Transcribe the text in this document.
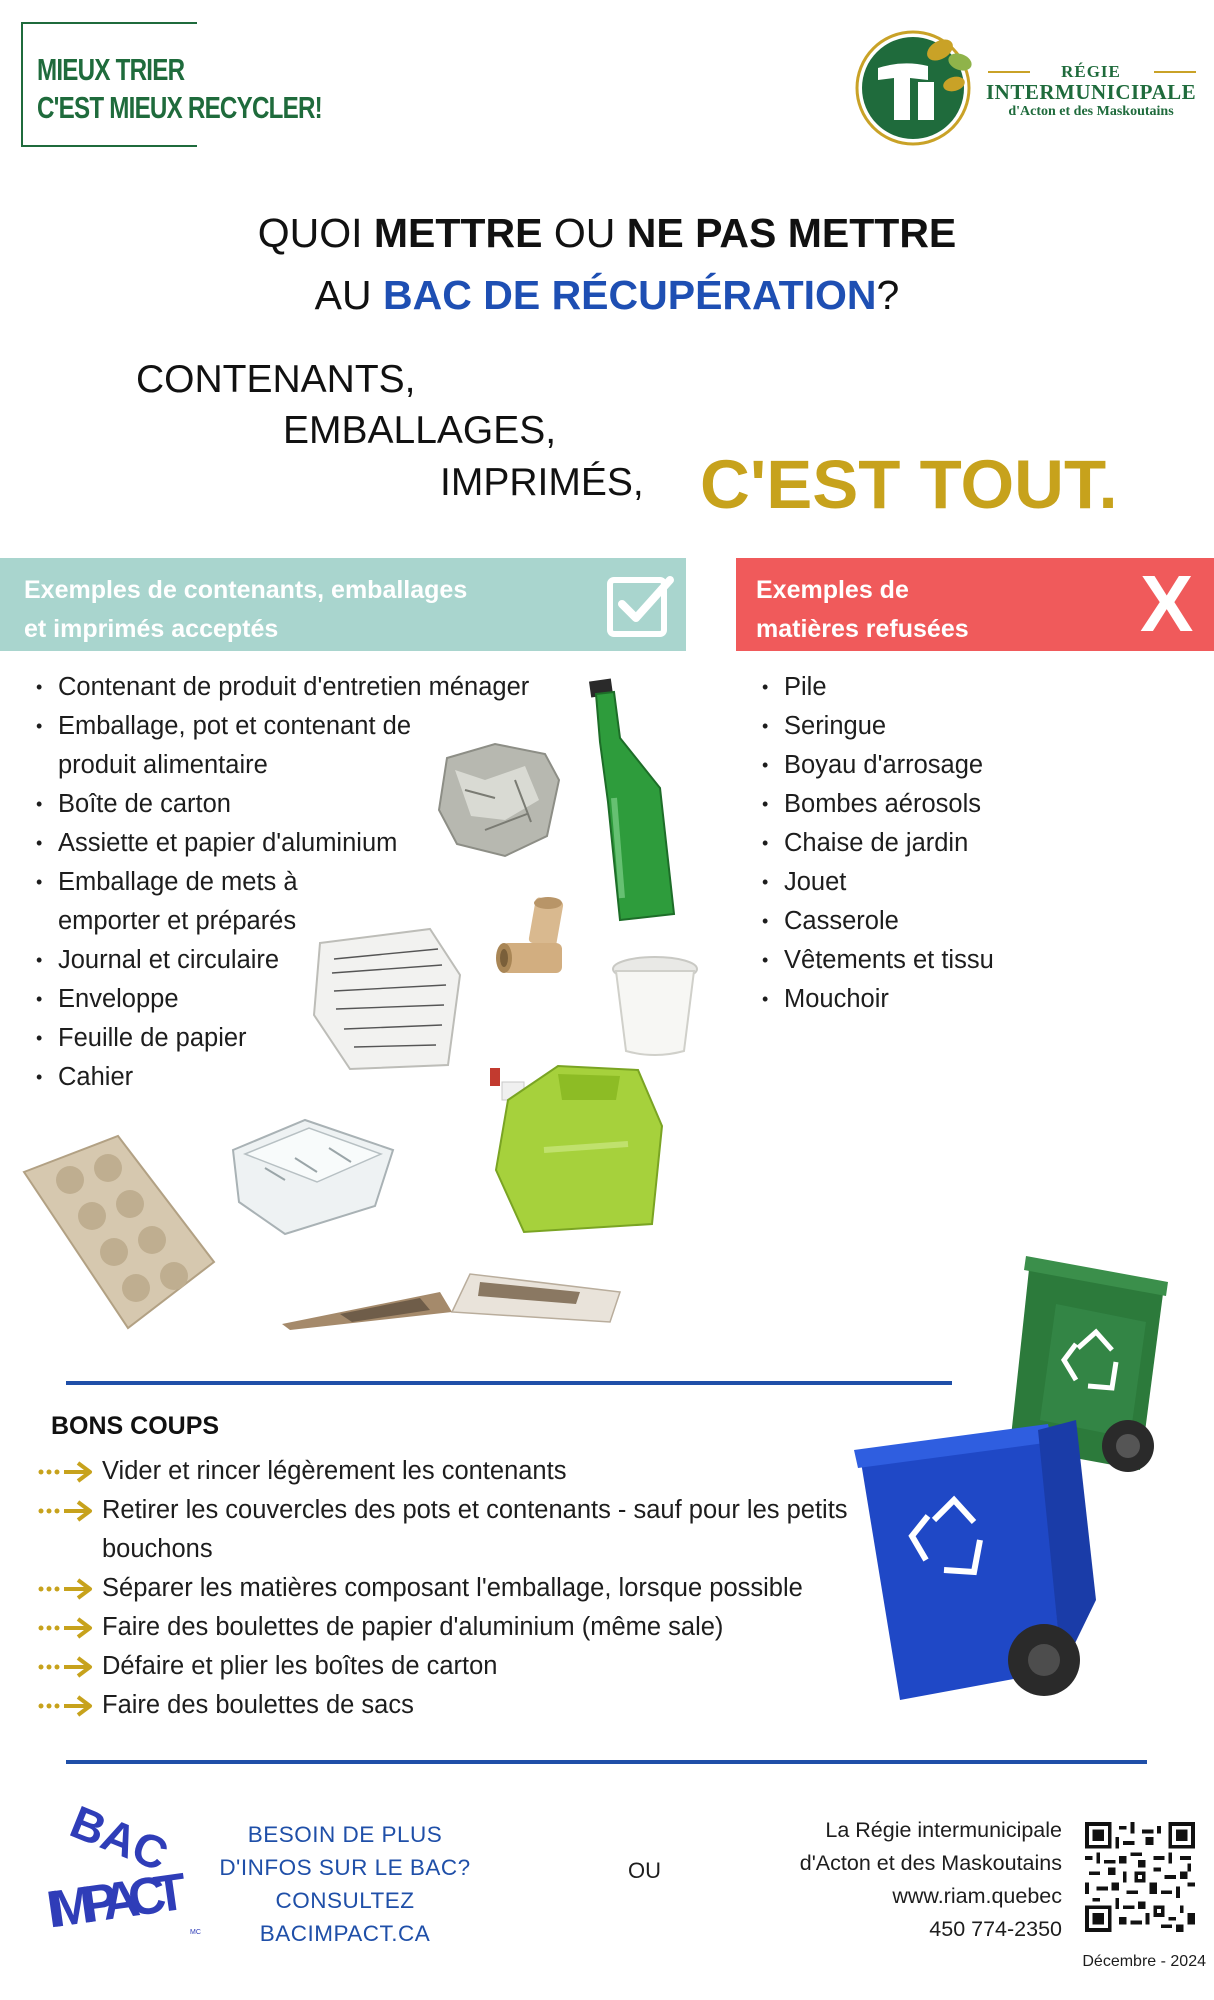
MIEUX TRIER
C'EST MIEUX RECYCLER!
RÉGIE
INTERMUNICIPALE
d'Acton et des Maskoutains
QUOI METTRE OU NE PAS METTRE
AU BAC DE RÉCUPÉRATION?
CONTENANTS,
EMBALLAGES,
IMPRIMÉS, C'EST TOUT.
Exemples de contenants, emballages
et imprimés acceptés
Exemples de
matières refusées X
• Contenant de produit d'entretien ménager
• Emballage, pot et contenant de produit alimentaire
• Boîte de carton
• Assiette et papier d'aluminium
• Emballage de mets à emporter et préparés
• Journal et circulaire
• Enveloppe
• Feuille de papier
• Cahier
• Pile
• Seringue
• Boyau d'arrosage
• Bombes aérosols
• Chaise de jardin
• Jouet
• Casserole
• Vêtements et tissu
• Mouchoir
BONS COUPS
Vider et rincer légèrement les contenants
Retirer les couvercles des pots et contenants - sauf pour les petits bouchons
Séparer les matières composant l'emballage, lorsque possible
Faire des boulettes de papier d'aluminium (même sale)
Défaire et plier les boîtes de carton
Faire des boulettes de sacs
BAC
IMPACT
MC
BESOIN DE PLUS
D'INFOS SUR LE BAC?
CONSULTEZ
BACIMPACT.CA
OU
La Régie intermunicipale
d'Acton et des Maskoutains
www.riam.quebec
450 774-2350
Décembre - 2024
